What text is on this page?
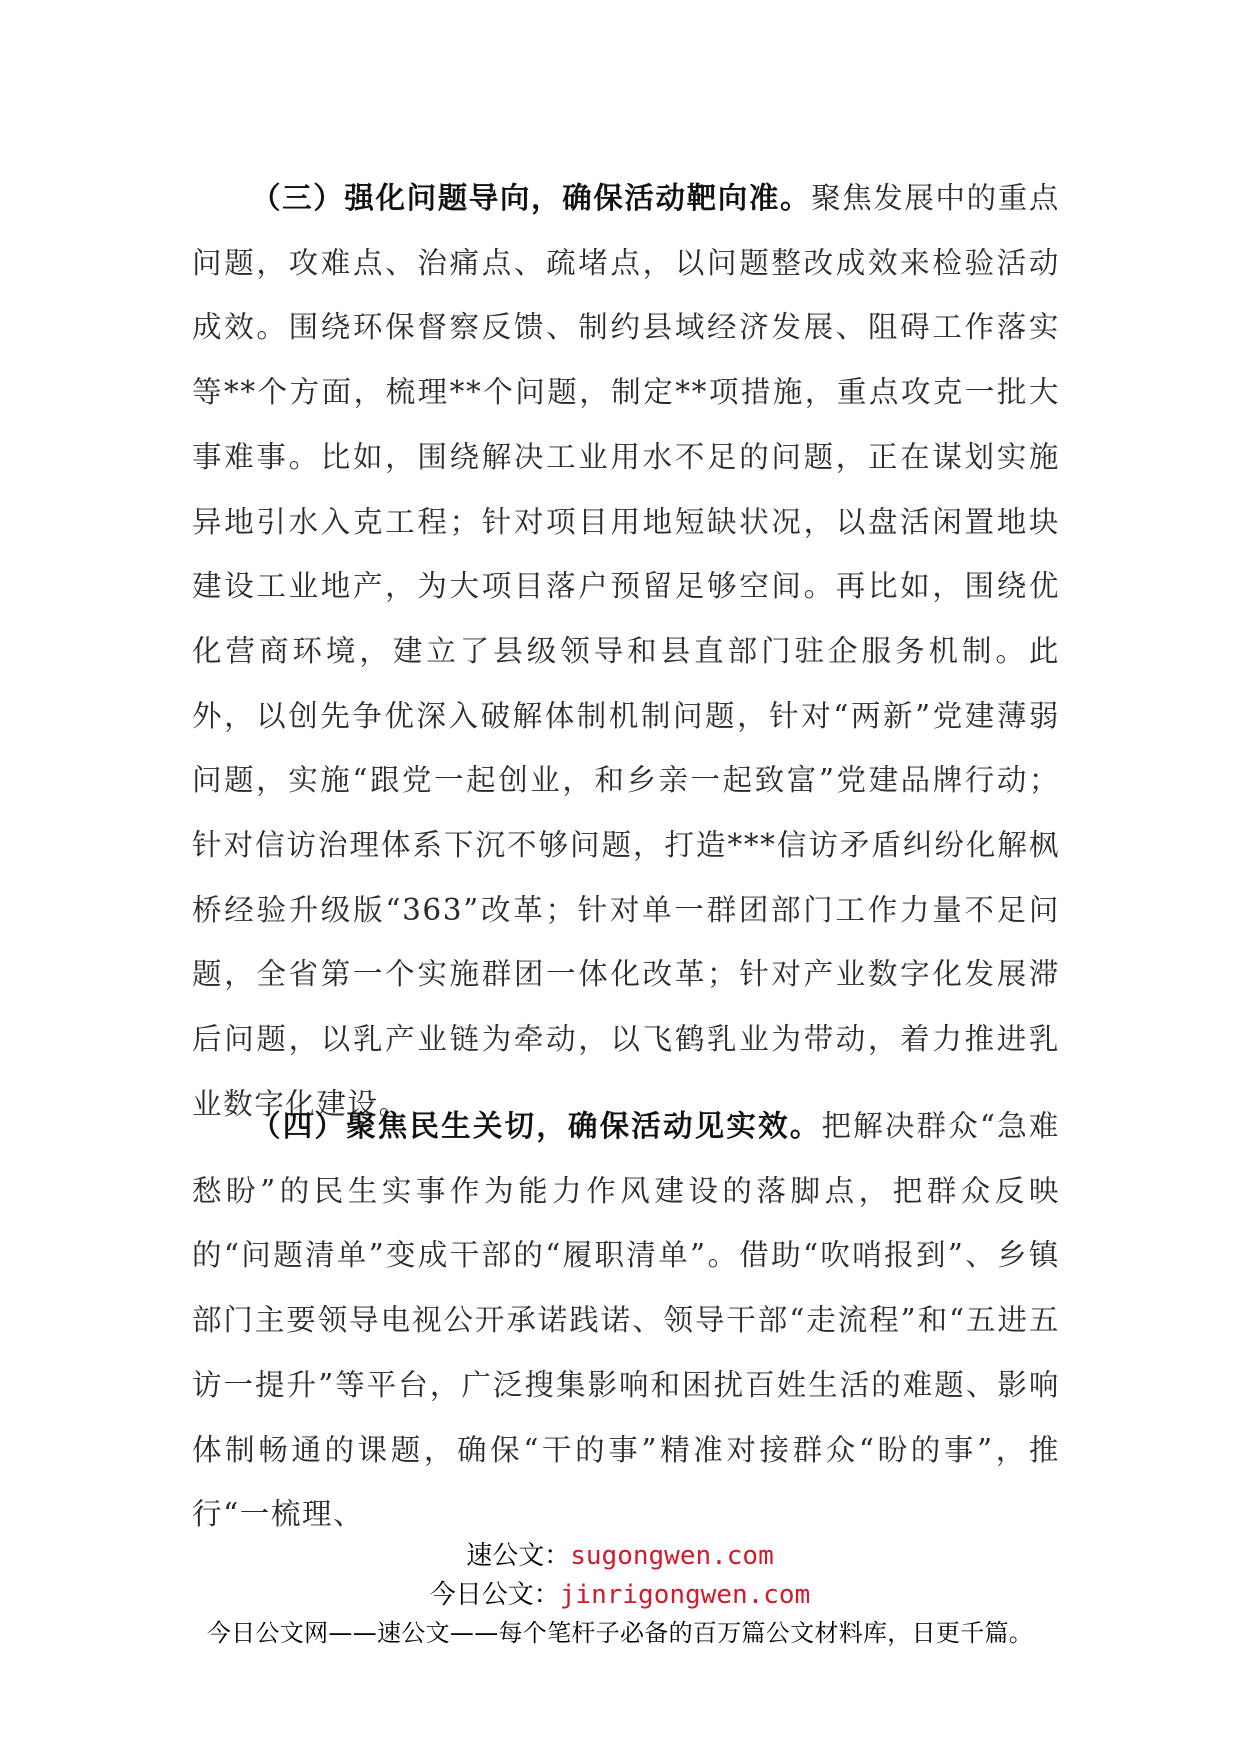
（三）强化问题导向，确保活动靶向准。聚焦发展中的重点问题，攻难点、治痛点、疏堵点，以问题整改成效来检验活动成效。围绕环保督察反馈、制约县域经济发展、阻碍工作落实等**个方面，梳理**个问题，制定**项措施，重点攻克一批大事难事。比如，围绕解决工业用水不足的问题，正在谋划实施异地引水入克工程；针对项目用地短缺状况，以盘活闲置地块建设工业地产，为大项目落户预留足够空间。再比如，围绕优化营商环境，建立了县级领导和县直部门驻企服务机制。此外，以创先争优深入破解体制机制问题，针对“两新”党建薄弱问题，实施“跟党一起创业，和乡亲一起致富”党建品牌行动；针对信访治理体系下沉不够问题，打造***信访矛盾纠纷化解枫桥经验升级版“363”改革；针对单一群团部门工作力量不足问题，全省第一个实施群团一体化改革；针对产业数字化发展滞后问题，以乳产业链为牵动，以飞鹤乳业为带动，着力推进乳业数字化建设。

（四）聚焦民生关切，确保活动见实效。把解决群众“急难愁盼”的民生实事作为能力作风建设的落脚点，把群众反映的“问题清单”变成干部的“履职清单”。借助“吹哨报到”、乡镇部门主要领导电视公开承诺践诺、领导干部“走流程”和“五进五访一提升”等平台，广泛搜集影响和困扰百姓生活的难题、影响体制畅通的课题，确保“干的事”精准对接群众“盼的事”，推行“一梳理、

速公文：sugongwen.com
今日公文：jinrigongwen.com
今日公文网——速公文——每个笔杆子必备的百万篇公文材料库，日更千篇。
